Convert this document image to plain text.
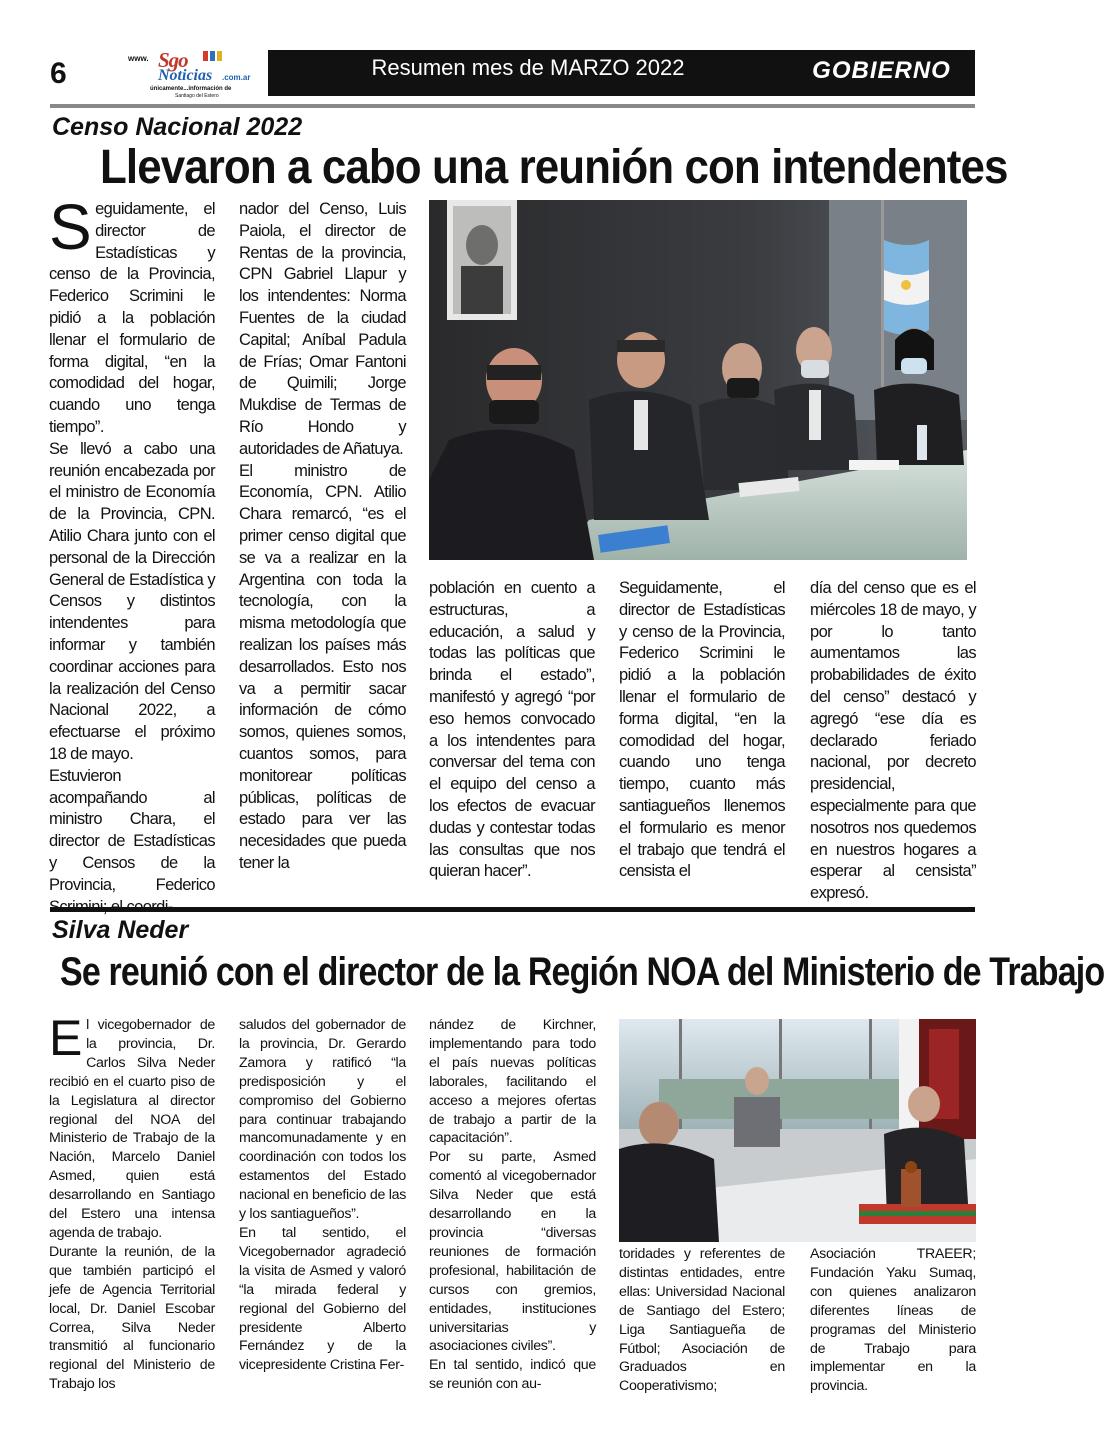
6	www. Sgo
Noticias .com.ar
únicamente...información de
Santiago del Estero
Resumen mes de MARZO 2022	GOBIERNO
Censo Nacional 2022
Llevaron a cabo una reunión con intendentes
S eguidamente, el director de Estadísticas y censo de la Provincia, Federico Scrimini le pidió a la población llenar el formulario de forma digital, “en la comodidad del hogar, cuando uno tenga tiempo”.

Se llevó a cabo una reunión encabezada por el ministro de Economía de la Provincia, CPN. Atilio Chara junto con el personal de la Dirección General de Estadística y Censos y distintos intendentes para informar y también coordinar acciones para la realización del Censo Nacional 2022, a efectuarse el próximo 18 de mayo.

Estuvieron acompañando al ministro Chara, el director de Estadísticas y Censos de la Provincia, Federico

nador del Censo, Luis Paiola, el director de Rentas de la provincia, CPN Gabriel Llapur y los intendentes: Norma Fuentes de la ciudad Capital; Aníbal Padula de Frías; Omar Fantoni de Quimili; Jorge Mukdise de Termas de Río Hondo y autoridades de Añatuya.

El ministro de Economía, CPN. Atilio Chara remarcó, “es el primer censo digital que se va a realizar en la Argentina con toda la tecnología, con la misma metodología que realizan los países más desarrollados. Esto nos va a permitir sacar información de cómo somos, quienes somos, cuantos somos, para monitorear políticas públicas, políticas de estado para ver las necesidades que pueda tener la

población en cuento a estructuras, a educación, a salud y todas las políticas que brinda el estado”, manifestó y agregó “por eso hemos convocado a los intendentes para conversar del tema con el equipo del censo a los efectos de evacuar dudas y contestar todas las consultas que nos quieran hacer”.

Seguidamente, el director de Estadísticas y censo de la Provincia, Federico Scrimini le pidió a la población llenar el formulario de forma digital, “en la comodidad del hogar, cuando uno tenga tiempo, cuanto más santiagueños llenemos el formulario es menor el trabajo que tendrá el censista el

día del censo que es el miércoles 18 de mayo, y por lo tanto aumentamos las probabilidades de éxito del censo” destacó y agregó “ese día es declarado feriado nacional, por decreto presidencial, especialmente para que nosotros nos quedemos en nuestros hogares a esperar al censista” expresó.

Silva Neder
Se reunió con el director de la Región NOA del Ministerio de Trabajo
E l vicegobernador de la provincia, Dr. Carlos Silva Neder recibió en el cuarto piso de la Legislatura al director regional del NOA del Ministerio de Trabajo de la Nación, Marcelo Daniel Asmed, quien está desarrollando en Santiago del Estero una intensa agenda de trabajo.

Durante la reunión, de la que también participó el jefe de Agencia Territorial local, Dr. Daniel Escobar Correa, Silva Neder transmitió al funcionario regional del Ministerio de Trabajo los

saludos del gobernador de la provincia, Dr. Gerardo Zamora y ratificó “la predisposición y el compromiso del Gobierno para continuar trabajando mancomunadamente y en coordinación con todos los estamentos del Estado nacional en beneficio de las y los santiagueños”.

En tal sentido, el Vicegobernador agradeció la visita de Asmed y valoró “la mirada federal y regional del Gobierno del presidente Alberto Fernández y de la vicepresidente Cristina Fer-

nández de Kirchner, implementando para todo el país nuevas políticas laborales, facilitando el acceso a mejores ofertas de trabajo a partir de la capacitación”.

Por su parte, Asmed comentó al vicegobernador Silva Neder que está desarrollando en la provincia “diversas reuniones de formación profesional, habilitación de cursos con gremios, entidades, instituciones universitarias y asociaciones civiles”.

En tal sentido, indicó que se reunión con au-

toridades y referentes de distintas entidades, entre ellas: Universidad Nacional de Santiago del Estero; Liga Santiagueña de Fútbol; Asociación de Graduados en Cooperativismo;

Asociación TRAEER; Fundación Yaku Sumaq, con quienes analizaron diferentes líneas de programas del Ministerio de Trabajo para implementar en la provincia.
